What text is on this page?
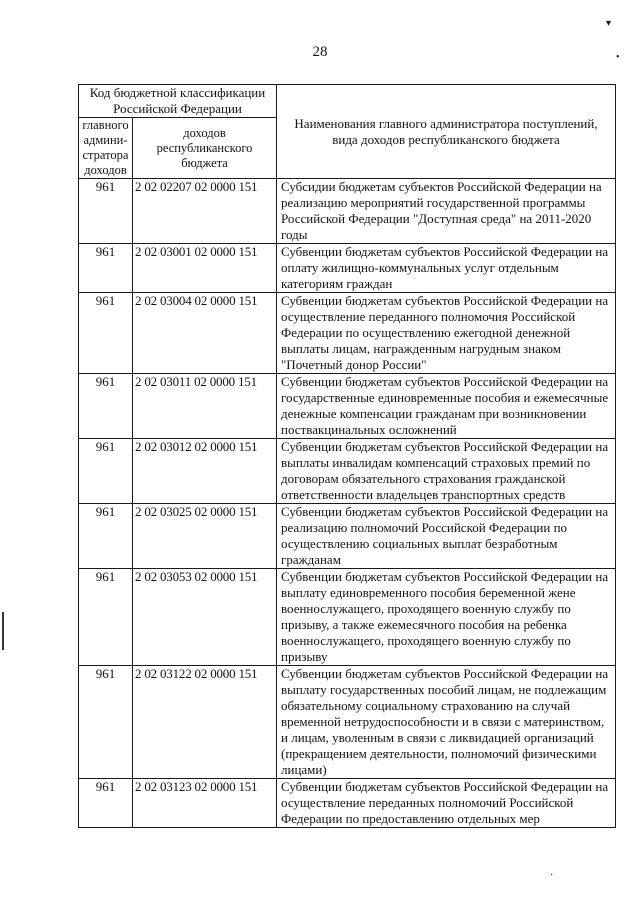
28
▾
•
·
Код бюджетной классификации Российской Федерации		Наименования главного администратора поступлений, вида доходов республиканского бюджета
главного админи-стратора доходов	доходов республиканского бюджета	
961	2 02 02207 02 0000 151	Субсидии бюджетам субъектов Российской Федерации на реализацию мероприятий государственной программы Российской Федерации "Доступная среда" на 2011-2020 годы
961	2 02 03001 02 0000 151	Субвенции бюджетам субъектов Российской Федерации на оплату жилищно-коммунальных услуг отдельным категориям граждан
961	2 02 03004 02 0000 151	Субвенции бюджетам субъектов Российской Федерации на осуществление переданного полномочия Российской Федерации по осуществлению ежегодной денежной выплаты лицам, награжденным нагрудным знаком "Почетный донор России"
961	2 02 03011 02 0000 151	Субвенции бюджетам субъектов Российской Федерации на государственные единовременные пособия и ежемесячные денежные компенсации гражданам при возникновении поствакцинальных осложнений
961	2 02 03012 02 0000 151	Субвенции бюджетам субъектов Российской Федерации на выплаты инвалидам компенсаций страховых премий по договорам обязательного страхования гражданской ответственности владельцев транспортных средств
961	2 02 03025 02 0000 151	Субвенции бюджетам субъектов Российской Федерации на реализацию полномочий Российской Федерации по осуществлению социальных выплат безработным гражданам
961	2 02 03053 02 0000 151	Субвенции бюджетам субъектов Российской Федерации на выплату единовременного пособия беременной жене военнослужащего, проходящего военную службу по призыву, а также ежемесячного пособия на ребенка военнослужащего, проходящего военную службу по призыву
961	2 02 03122 02 0000 151	Субвенции бюджетам субъектов Российской Федерации на выплату государственных пособий лицам, не подлежащим обязательному социальному страхованию на случай временной нетрудоспособности и в связи с материнством, и лицам, уволенным в связи с ликвидацией организаций (прекращением деятельности, полномочий физическими лицами)
961	2 02 03123 02 0000 151	Субвенции бюджетам субъектов Российской Федерации на осуществление переданных полномочий Российской Федерации по предоставлению отдельных мер
